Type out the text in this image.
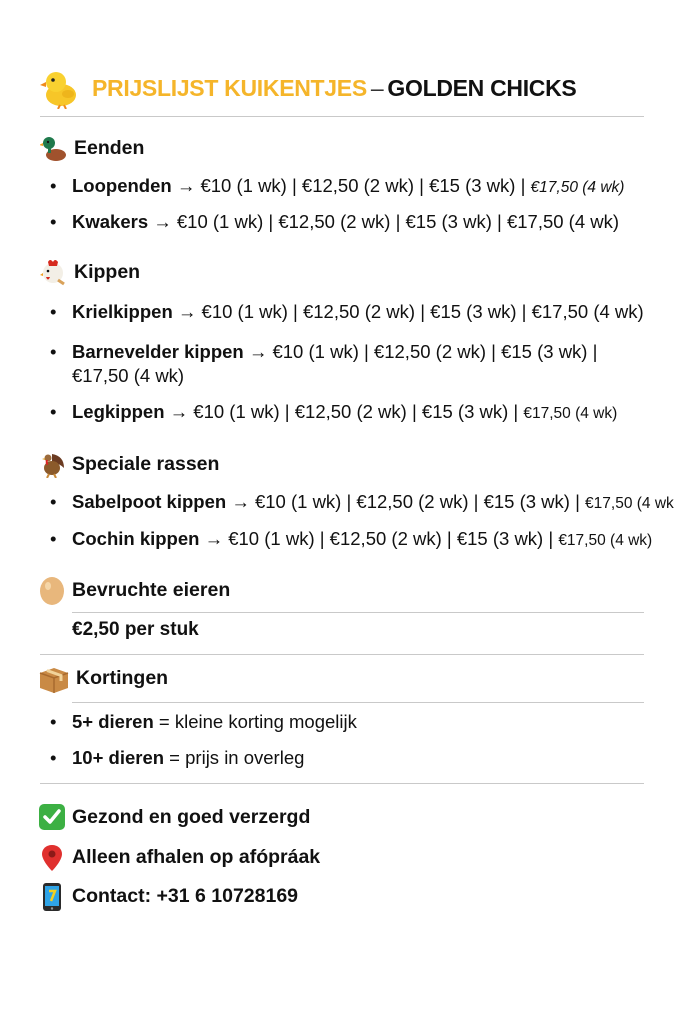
PRIJSLIJST KUIKENTJES – GOLDEN CHICKS
Eenden
• Loopenden → €10 (1 wk) | €12,50 (2 wk) | €15 (3 wk) | €17,50 (4 wk)
• Kwakers → €10 (1 wk) | €12,50 (2 wk) | €15 (3 wk) | €17,50 (4 wk)
Kippen
• Krielkippen → €10 (1 wk) | €12,50 (2 wk) | €15 (3 wk) | €17,50 (4 wk)
• Barnevelder kippen → €10 (1 wk) | €12,50 (2 wk) | €15 (3 wk) |
€17,50 (4 wk)
• Legkippen → €10 (1 wk) | €12,50 (2 wk) | €15 (3 wk) | €17,50 (4 wk)
Speciale rassen
• Sabelpoot kippen → €10 (1 wk) | €12,50 (2 wk) | €15 (3 wk) | €17,50 (4 wk
• Cochin kippen → €10 (1 wk) | €12,50 (2 wk) | €15 (3 wk) | €17,50 (4 wk)
Bevruchte eieren
€2,50 per stuk
Kortingen
• 5+ dieren = kleine korting mogelijk
• 10+ dieren = prijs in overleg
Gezond en goed verzergd
Alleen afhalen op afópráak
Contact: +31 6 10728169
